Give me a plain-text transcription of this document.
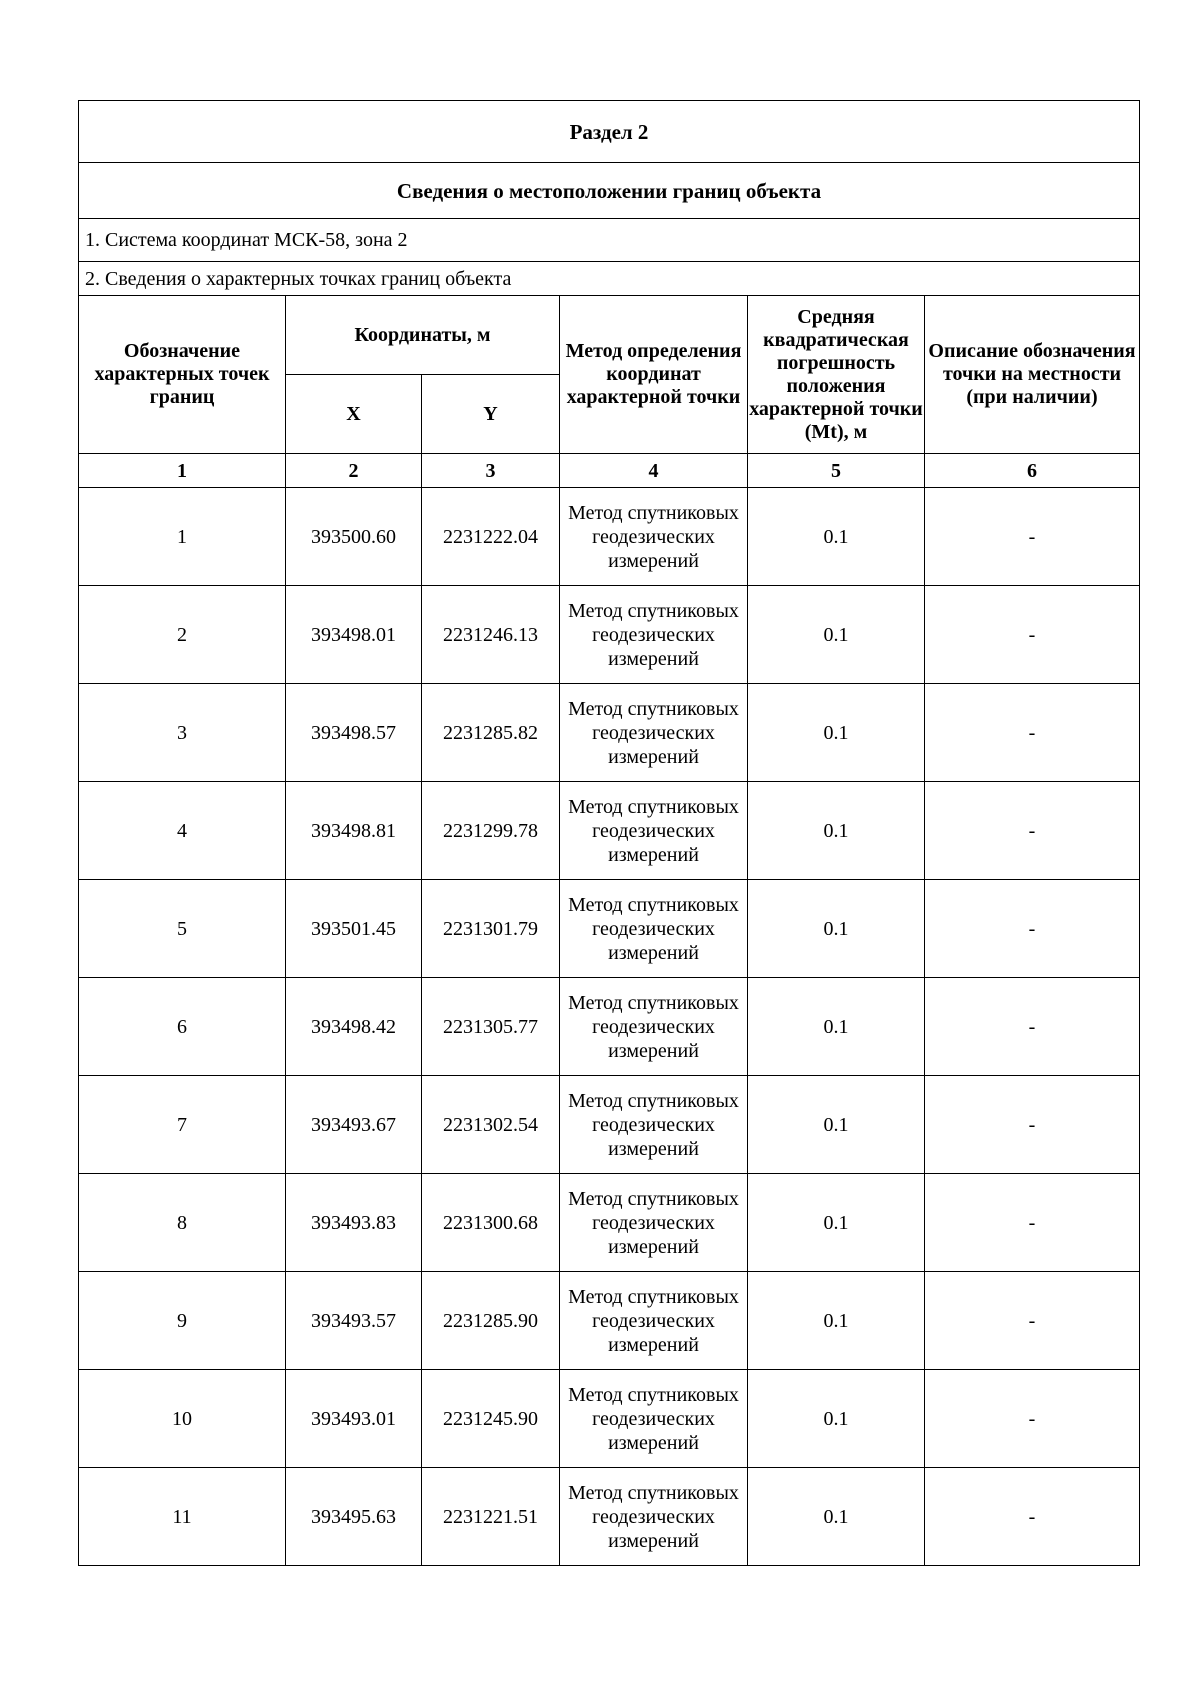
Раздел 2					
Сведения о местоположении границ объекта					
1. Система координат МСК-58, зона 2					
2. Сведения о характерных точках границ объекта					
Обозначение характерных точек границ	Координаты, м		Метод определения координат характерной точки	Средняя квадратическая погрешность положения характерной точки (Mt), м	Описание обозначения точки на местности (при наличии)
	X	Y			
1	2	3	4	5	6
1	393500.60	2231222.04	Метод спутниковых геодезических измерений	0.1	-
2	393498.01	2231246.13	Метод спутниковых геодезических измерений	0.1	-
3	393498.57	2231285.82	Метод спутниковых геодезических измерений	0.1	-
4	393498.81	2231299.78	Метод спутниковых геодезических измерений	0.1	-
5	393501.45	2231301.79	Метод спутниковых геодезических измерений	0.1	-
6	393498.42	2231305.77	Метод спутниковых геодезических измерений	0.1	-
7	393493.67	2231302.54	Метод спутниковых геодезических измерений	0.1	-
8	393493.83	2231300.68	Метод спутниковых геодезических измерений	0.1	-
9	393493.57	2231285.90	Метод спутниковых геодезических измерений	0.1	-
10	393493.01	2231245.90	Метод спутниковых геодезических измерений	0.1	-
11	393495.63	2231221.51	Метод спутниковых геодезических измерений	0.1	-
